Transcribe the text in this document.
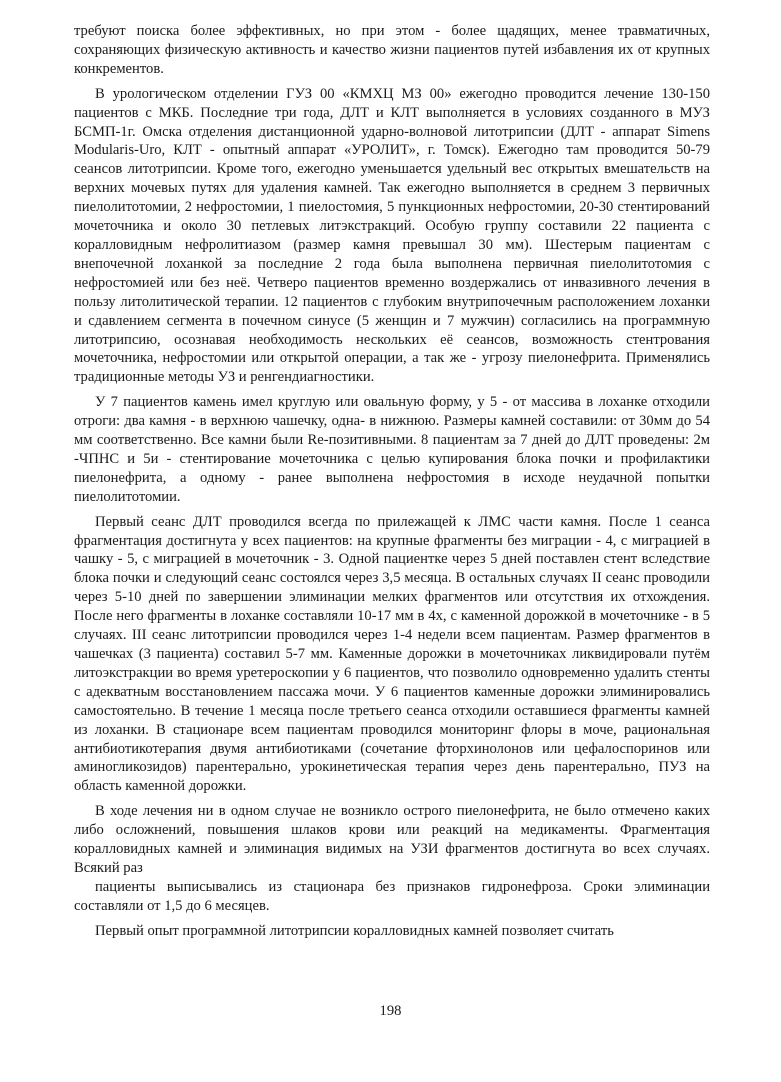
требуют поиска более эффективных, но при этом - более щадящих, менее травматичных, сохраняющих физическую активность и качество жизни пациентов путей избавления их от крупных конкрементов.

В урологическом отделении ГУЗ 00 «КМХЦ МЗ 00» ежегодно проводится лечение 130-150 пациентов с МКБ. Последние три года, ДЛТ и КЛТ выполняется в условиях созданного в МУЗ БСМП-1г. Омска отделения дистанционной ударно-волновой литотрипсии (ДЛТ - аппарат Simens Modularis-Uro, КЛТ - опытный аппарат «УРОЛИТ», г. Томск). Ежегодно там проводится 50-79 сеансов литотрипсии. Кроме того, ежегодно уменьшается удельный вес открытых вмешательств на верхних мочевых путях для удаления камней. Так ежегодно выполняется в среднем 3 первичных пиелолитотомии, 2 нефростомии, 1 пиелостомия, 5 пункционных нефростомии, 20-30 стентирований мочеточника и около 30 петлевых литэкстракций. Особую группу составили 22 пациента с коралловидным нефролитиазом (размер камня превышал 30 мм). Шестерым пациентам с внепочечной лоханкой за последние 2 года была выполнена первичная пиелолитотомия с нефростомией или без неё. Четверо пациентов временно воздержались от инвазивного лечения в пользу литолитической терапии. 12 пациентов с глубоким внутрипочечным расположением лоханки и сдавлением сегмента в почечном синусе (5 женщин и 7 мужчин) согласились на программную литотрипсию, осознавая необходимость нескольких её сеансов, возможность стентрования мочеточника, нефростомии или открытой операции, а так же - угрозу пиелонефрита. Применялись традиционные методы УЗ и ренгендиагностики.

У 7 пациентов камень имел круглую или овальную форму, у 5 - от массива в лоханке отходили отроги: два камня - в верхнюю чашечку, одна- в нижнюю. Размеры камней составили: от 30мм до 54 мм соответственно. Все камни были Re-позитивными. 8 пациентам за 7 дней до ДЛТ проведены: 2м -ЧПНС и 5и - стентирование мочеточника с целью купирования блока почки и профилактики пиелонефрита, а одному - ранее выполнена нефростомия в исходе неудачной попытки пиелолитотомии.

Первый сеанс ДЛТ проводился всегда по прилежащей к ЛМС части камня. После 1 сеанса фрагментация достигнута у всех пациентов: на крупные фрагменты без миграции - 4, с миграцией в чашку - 5, с миграцией в мочеточник - 3. Одной пациентке через 5 дней поставлен стент вследствие блока почки и следующий сеанс состоялся через 3,5 месяца. В остальных случаях II сеанс проводили через 5-10 дней по завершении элиминации мелких фрагментов или отсутствия их отхождения. После него фрагменты в лоханке составляли 10-17 мм в 4х, с каменной дорожкой в мочеточнике - в 5 случаях. III сеанс литотрипсии проводился через 1-4 недели всем пациентам. Размер фрагментов в чашечках (3 пациента) составил 5-7 мм. Каменные дорожки в мочеточниках ликвидировали путём литоэкстракции во время уретероскопии у 6 пациентов, что позволило одновременно удалить стенты с адекватным восстановлением пассажа мочи. У 6 пациентов каменные дорожки элиминировались самостоятельно. В течение 1 месяца после третьего сеанса отходили оставшиеся фрагменты камней из лоханки. В стационаре всем пациентам проводился мониторинг флоры в моче, рациональная антибиотикотерапия двумя антибиотиками (сочетание фторхинолонов или цефалоспоринов или аминогликозидов) парентерально, урокинетическая терапия через день парентерально, ПУЗ на область каменной дорожки.

В ходе лечения ни в одном случае не возникло острого пиелонефрита, не было отмечено каких либо осложнений, повышения шлаков крови или реакций на медикаменты. Фрагментация коралловидных камней и элиминация видимых на УЗИ фрагментов достигнута во всех случаях. Всякий раз

пациенты выписывались из стационара без признаков гидронефроза. Сроки элиминации составляли от 1,5 до 6 месяцев.

Первый опыт программной литотрипсии коралловидных камней позволяет считать

198
